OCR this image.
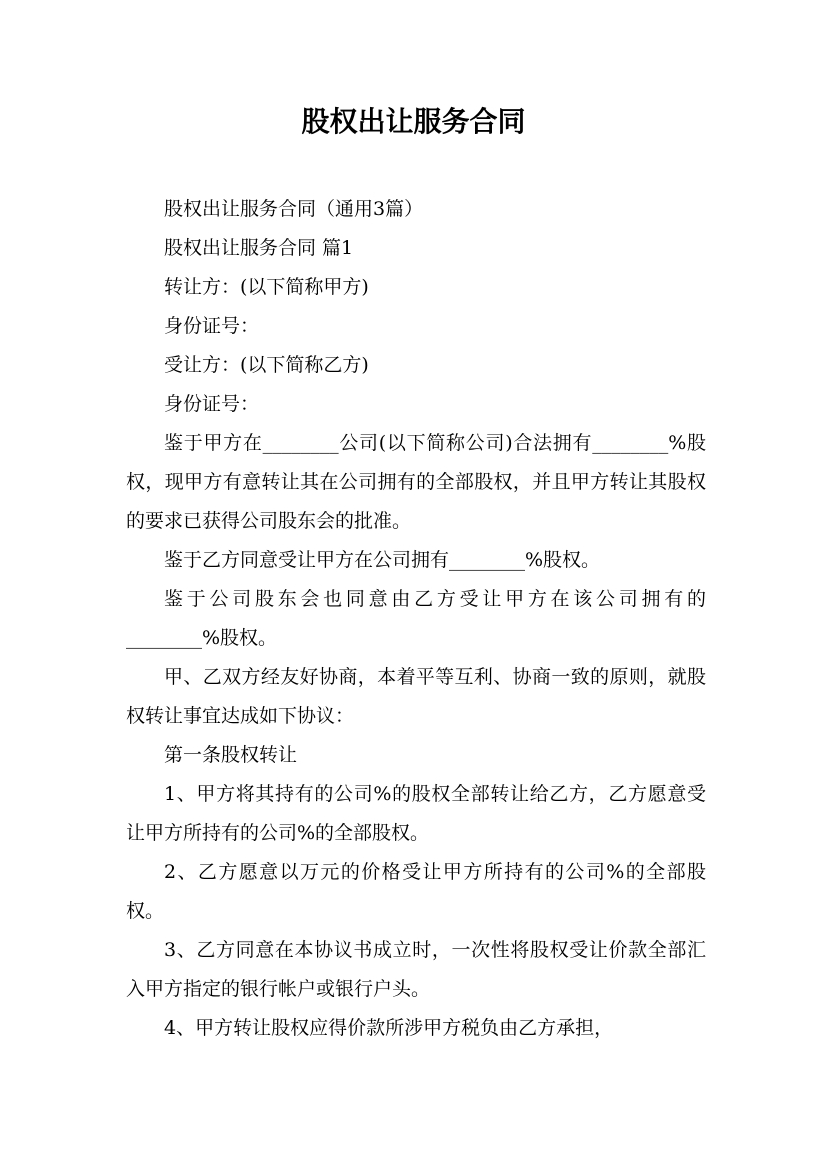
股权出让服务合同

股权出让服务合同（通用3篇）

股权出让服务合同 篇1

转让方：(以下简称甲方)

身份证号：

受让方：(以下简称乙方)

身份证号：

鉴于甲方在________公司(以下简称公司)合法拥有________%股权，现甲方有意转让其在公司拥有的全部股权，并且甲方转让其股权的要求已获得公司股东会的批准。

鉴于乙方同意受让甲方在公司拥有________%股权。

鉴于公司股东会也同意由乙方受让甲方在该公司拥有的________%股权。

甲、乙双方经友好协商，本着平等互利、协商一致的原则，就股权转让事宜达成如下协议：

第一条股权转让

1、甲方将其持有的公司%的股权全部转让给乙方，乙方愿意受让甲方所持有的公司%的全部股权。

2、乙方愿意以万元的价格受让甲方所持有的公司%的全部股权。

3、乙方同意在本协议书成立时，一次性将股权受让价款全部汇入甲方指定的银行帐户或银行户头。

4、甲方转让股权应得价款所涉甲方税负由乙方承担，
